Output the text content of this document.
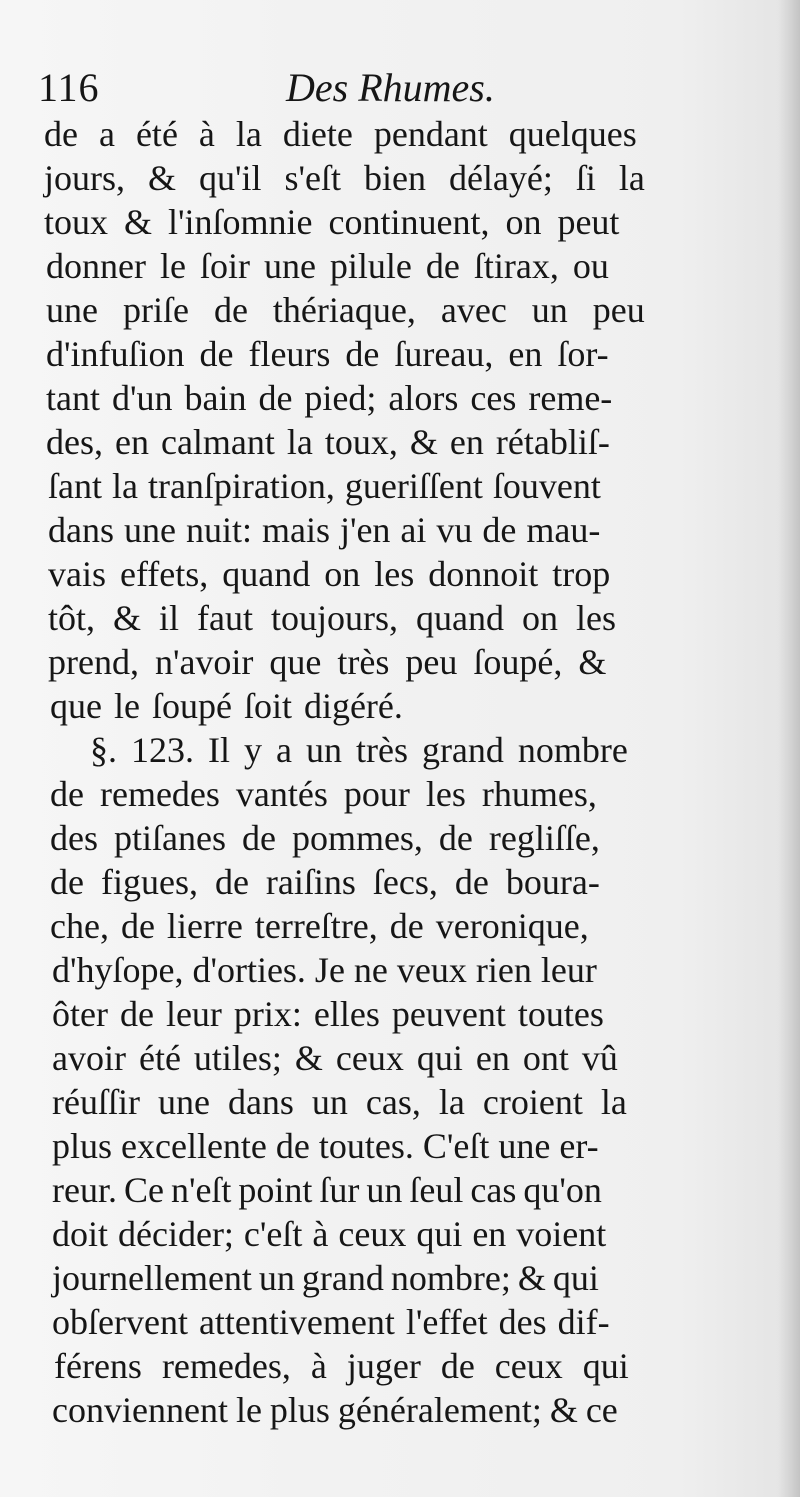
116	Des Rhumes.
de a été à la diete pendant quelques
jours, & qu'il s'eſt bien délayé; ſi la
toux & l'inſomnie continuent, on peut
donner le ſoir une pilule de ſtirax, ou
une priſe de thériaque, avec un peu
d'infuſion de fleurs de ſureau, en ſor-
tant d'un bain de pied; alors ces reme-
des, en calmant la toux, & en rétabliſ-
ſant la tranſpiration, gueriſſent ſouvent
dans une nuit: mais j'en ai vu de mau-
vais effets, quand on les donnoit trop
tôt, & il faut toujours, quand on les
prend, n'avoir que très peu ſoupé, &
que le ſoupé ſoit digéré.
§. 123. Il y a un très grand nombre
de remedes vantés pour les rhumes,
des ptiſanes de pommes, de regliſſe,
de figues, de raiſins ſecs, de boura-
che, de lierre terreſtre, de veronique,
d'hyſope, d'orties. Je ne veux rien leur
ôter de leur prix: elles peuvent toutes
avoir été utiles; & ceux qui en ont vû
réuſſir une dans un cas, la croient la
plus excellente de toutes. C'eſt une er-
reur. Ce n'eſt point ſur un ſeul cas qu'on
doit décider; c'eſt à ceux qui en voient
journellement un grand nombre; & qui
obſervent attentivement l'effet des dif-
férens remedes, à juger de ceux qui
conviennent le plus généralement; & ce
